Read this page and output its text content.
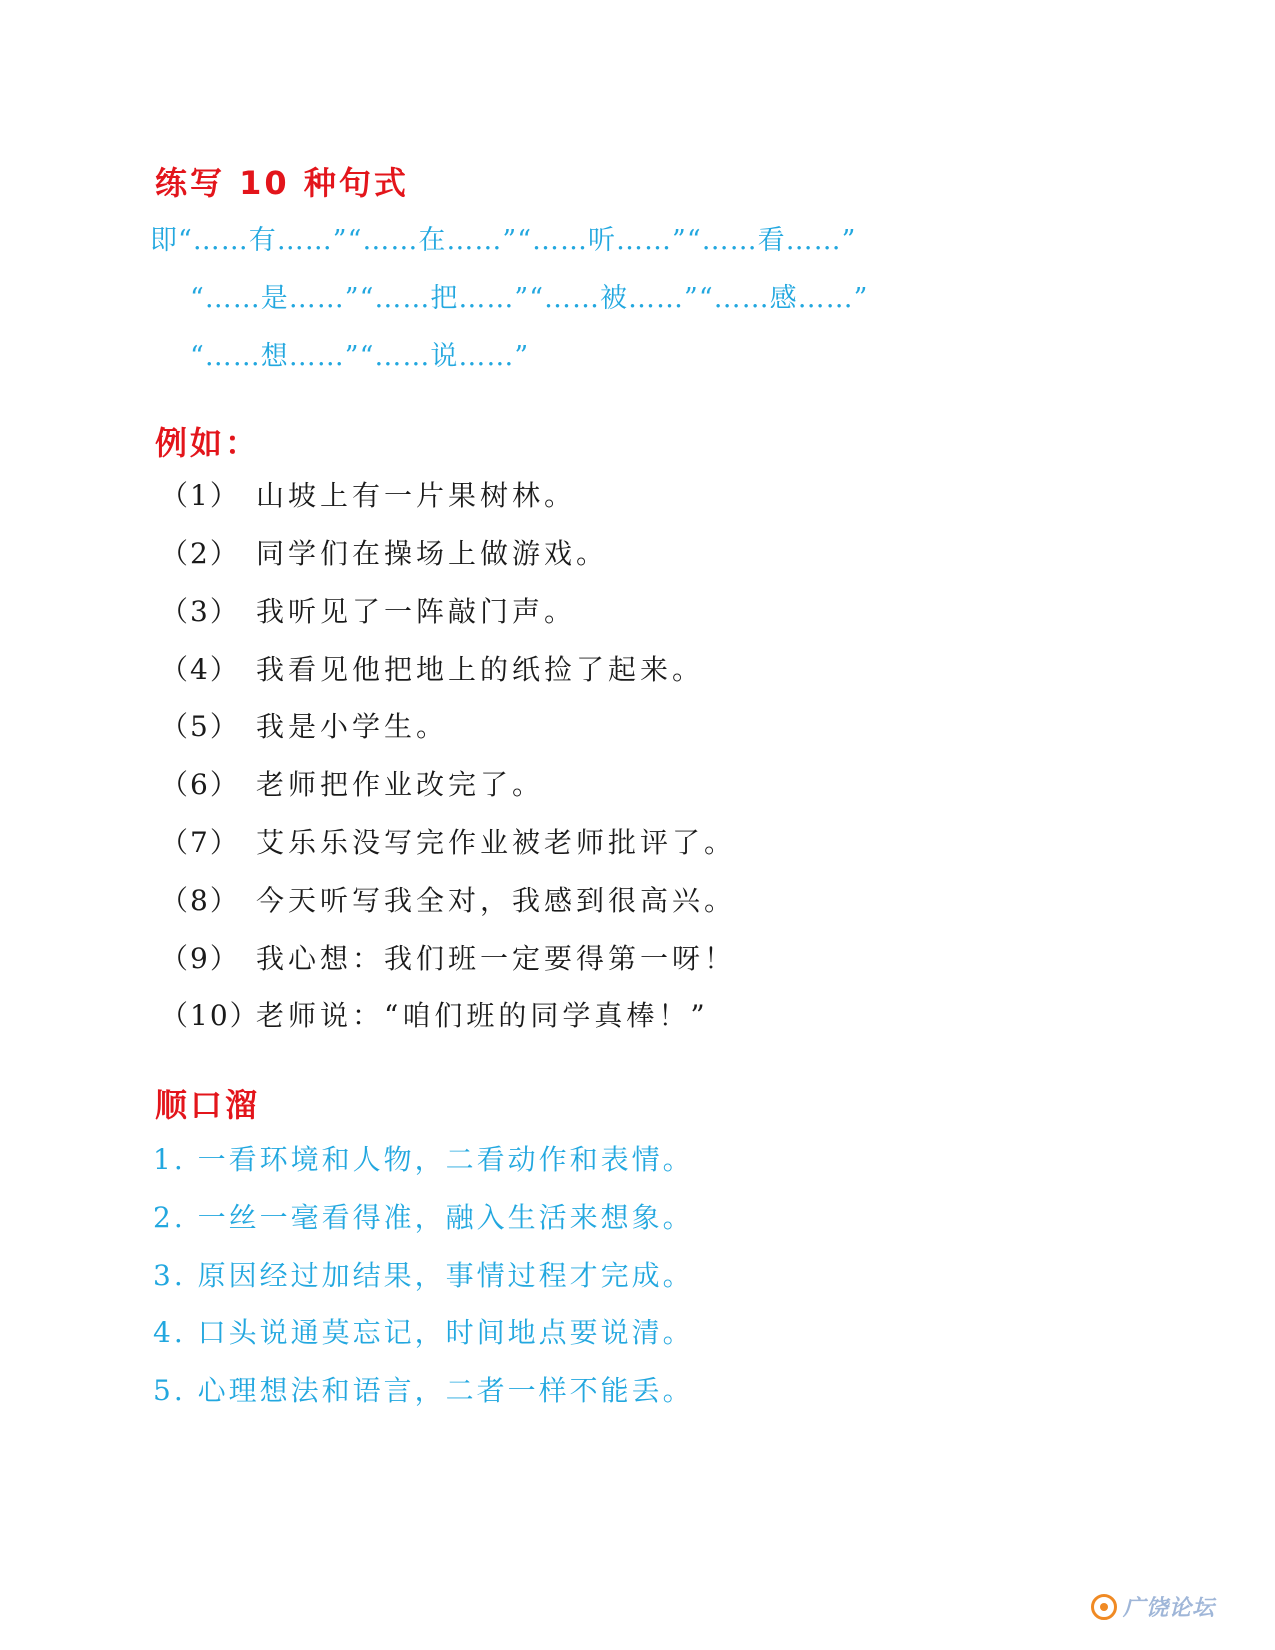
练写 10 种句式
即“……有……”“……在……”“……听……”“……看……”
“……是……”“……把……”“……被……”“……感……”
“……想……”“……说……”
例如：
（1） 山坡上有一片果树林。
（2） 同学们在操场上做游戏。
（3） 我听见了一阵敲门声。
（4） 我看见他把地上的纸捡了起来。
（5） 我是小学生。
（6） 老师把作业改完了。
（7） 艾乐乐没写完作业被老师批评了。
（8） 今天听写我全对，我感到很高兴。
（9） 我心想：我们班一定要得第一呀！
（10）老师说：“咱们班的同学真棒！”
顺口溜
1. 一看环境和人物，二看动作和表情。
2. 一丝一毫看得准，融入生活来想象。
3. 原因经过加结果，事情过程才完成。
4. 口头说通莫忘记，时间地点要说清。
5. 心理想法和语言，二者一样不能丢。
广饶论坛
